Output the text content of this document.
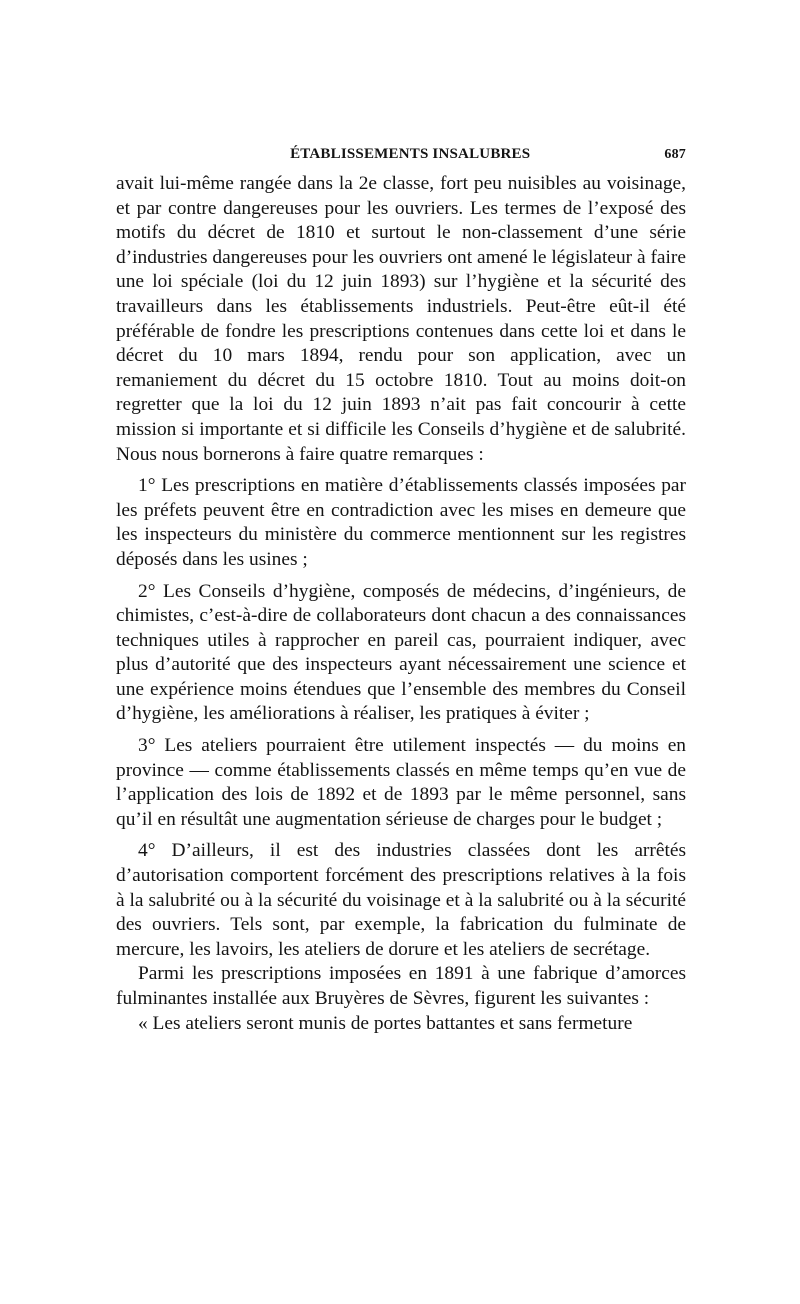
ÉTABLISSEMENTS INSALUBRES	687

avait lui-même rangée dans la 2e classe, fort peu nuisibles au voisinage, et par contre dangereuses pour les ouvriers. Les termes de l’exposé des motifs du décret de 1810 et surtout le non-classement d’une série d’industries dangereuses pour les ouvriers ont amené le législateur à faire une loi spéciale (loi du 12 juin 1893) sur l’hygiène et la sécurité des travailleurs dans les établissements industriels. Peut-être eût-il été préférable de fondre les prescriptions contenues dans cette loi et dans le décret du 10 mars 1894, rendu pour son application, avec un remaniement du décret du 15 octobre 1810. Tout au moins doit-on regretter que la loi du 12 juin 1893 n’ait pas fait concourir à cette mission si importante et si difficile les Conseils d’hygiène et de salubrité. Nous nous bornerons à faire quatre remarques :

1° Les prescriptions en matière d’établissements classés imposées par les préfets peuvent être en contradiction avec les mises en demeure que les inspecteurs du ministère du commerce mentionnent sur les registres déposés dans les usines ;

2° Les Conseils d’hygiène, composés de médecins, d’ingénieurs, de chimistes, c’est-à-dire de collaborateurs dont chacun a des connaissances techniques utiles à rapprocher en pareil cas, pourraient indiquer, avec plus d’autorité que des inspecteurs ayant nécessairement une science et une expérience moins étendues que l’ensemble des membres du Conseil d’hygiène, les améliorations à réaliser, les pratiques à éviter ;

3° Les ateliers pourraient être utilement inspectés — du moins en province — comme établissements classés en même temps qu’en vue de l’application des lois de 1892 et de 1893 par le même personnel, sans qu’il en résultât une augmentation sérieuse de charges pour le budget ;

4° D’ailleurs, il est des industries classées dont les arrêtés d’autorisation comportent forcément des prescriptions relatives à la fois à la salubrité ou à la sécurité du voisinage et à la salubrité ou à la sécurité des ouvriers. Tels sont, par exemple, la fabrication du fulminate de mercure, les lavoirs, les ateliers de dorure et les ateliers de secrétage.

Parmi les prescriptions imposées en 1891 à une fabrique d’amorces fulminantes installée aux Bruyères de Sèvres, figurent les suivantes :

« Les ateliers seront munis de portes battantes et sans fermeture
